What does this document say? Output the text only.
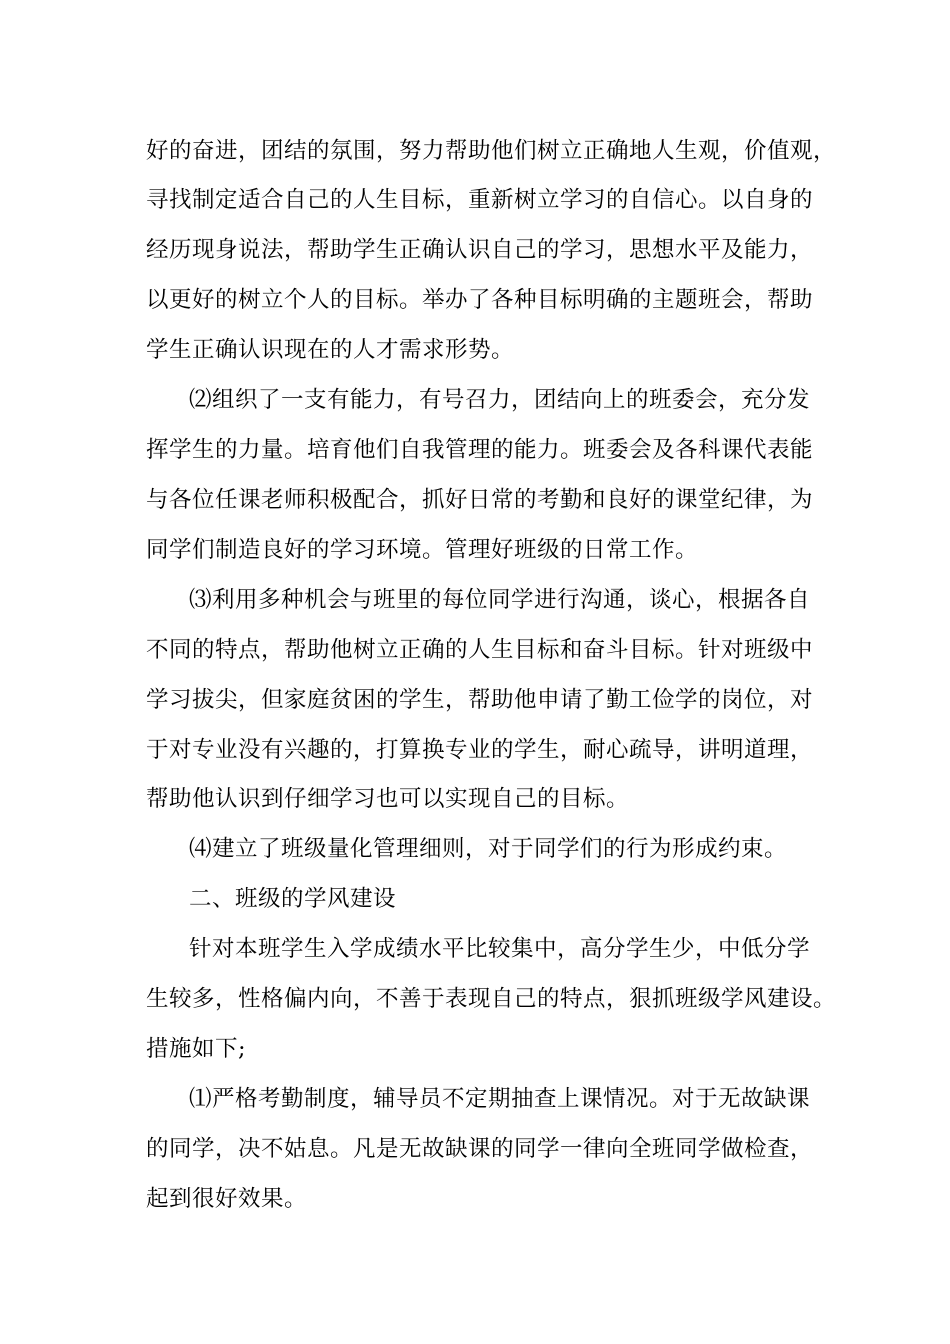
好的奋进，团结的氛围，努力帮助他们树立正确地人生观，价值观，
寻找制定适合自己的人生目标，重新树立学习的自信心。以自身的
经历现身说法，帮助学生正确认识自己的学习，思想水平及能力，
以更好的树立个人的目标。举办了各种目标明确的主题班会，帮助
学生正确认识现在的人才需求形势。
⑵组织了一支有能力，有号召力，团结向上的班委会，充分发
挥学生的力量。培育他们自我管理的能力。班委会及各科课代表能
与各位任课老师积极配合，抓好日常的考勤和良好的课堂纪律，为
同学们制造良好的学习环境。管理好班级的日常工作。
⑶利用多种机会与班里的每位同学进行沟通，谈心，根据各自
不同的特点，帮助他树立正确的人生目标和奋斗目标。针对班级中
学习拔尖，但家庭贫困的学生，帮助他申请了勤工俭学的岗位，对
于对专业没有兴趣的，打算换专业的学生，耐心疏导，讲明道理，
帮助他认识到仔细学习也可以实现自己的目标。
⑷建立了班级量化管理细则，对于同学们的行为形成约束。
二、班级的学风建设
针对本班学生入学成绩水平比较集中，高分学生少，中低分学
生较多，性格偏内向，不善于表现自己的特点，狠抓班级学风建设。
措施如下;
⑴严格考勤制度，辅导员不定期抽查上课情况。对于无故缺课
的同学，决不姑息。凡是无故缺课的同学一律向全班同学做检查，
起到很好效果。
